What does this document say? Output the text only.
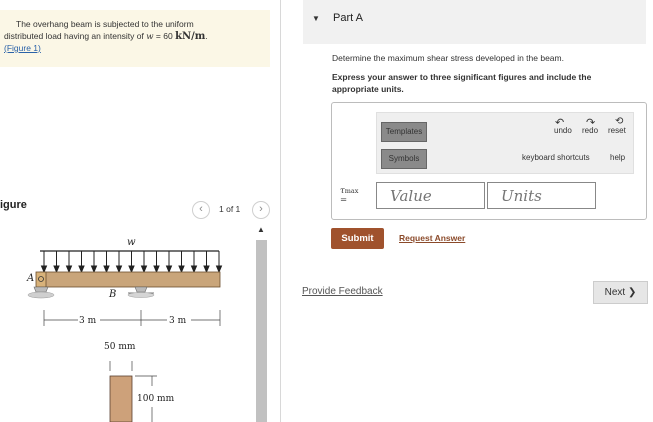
The overhang beam is subjected to the uniform
distributed load having an intensity of w = 60 kN/m.
(Figure 1)
igure	‹	1 of 1	›
▲
w
A
B
3 m	3 m
50 mm
100 mm
▼ Part A
Determine the maximum shear stress developed in the beam.
Express your answer to three significant figures and include the appropriate units.
Templates
Symbols
↶ ↷ ⟲
undo redo reset
keyboard shortcuts	help
τmax
=
Value
Units
Submit	Request Answer
Provide Feedback	Next ❯
